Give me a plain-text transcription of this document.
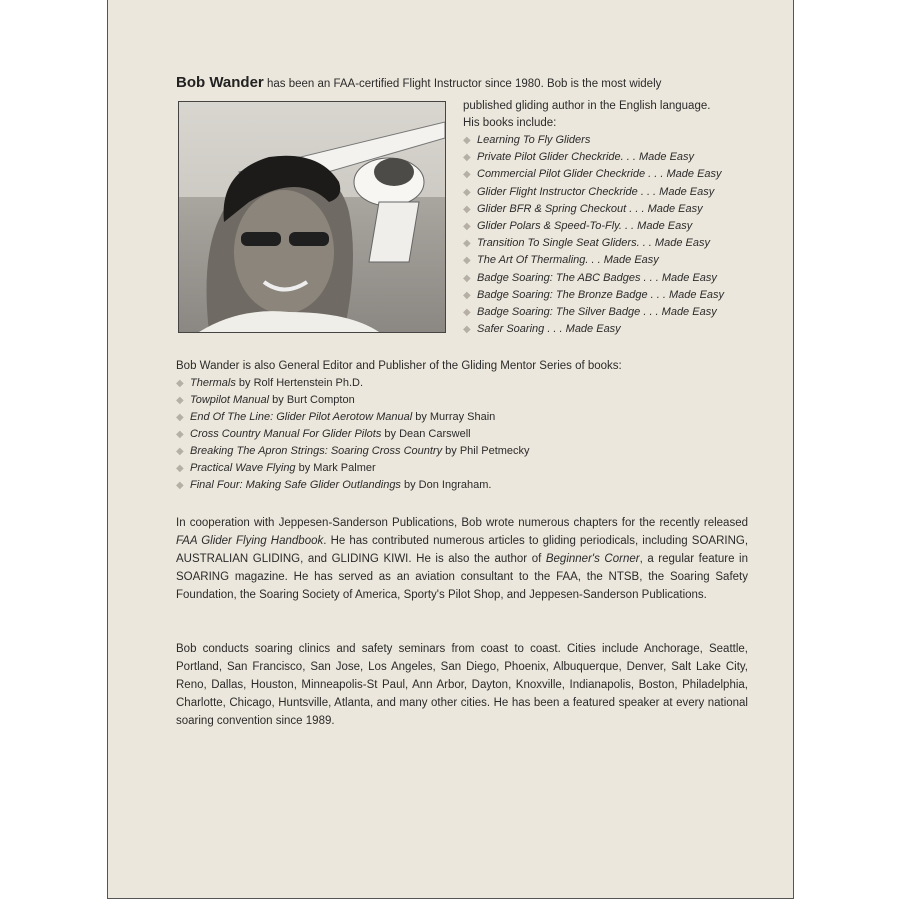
Bob Wander has been an FAA-certified Flight Instructor since 1980. Bob is the most widely
published gliding author in the English language.
His books include:
◆ Learning To Fly Gliders
◆ Private Pilot Glider Checkride. . . Made Easy
◆ Commercial Pilot Glider Checkride . . . Made Easy
◆ Glider Flight Instructor Checkride . . . Made Easy
◆ Glider BFR & Spring Checkout . . . Made Easy
◆ Glider Polars & Speed-To-Fly. . . Made Easy
◆ Transition To Single Seat Gliders. . . Made Easy
◆ The Art Of Thermaling. . . Made Easy
◆ Badge Soaring: The ABC Badges . . . Made Easy
◆ Badge Soaring: The Bronze Badge . . . Made Easy
◆ Badge Soaring: The Silver Badge . . . Made Easy
◆ Safer Soaring . . . Made Easy
Bob Wander is also General Editor and Publisher of the Gliding Mentor Series of books:
◆ Thermals by Rolf Hertenstein Ph.D.
◆ Towpilot Manual by Burt Compton
◆ End Of The Line: Glider Pilot Aerotow Manual by Murray Shain
◆ Cross Country Manual For Glider Pilots by Dean Carswell
◆ Breaking The Apron Strings: Soaring Cross Country by Phil Petmecky
◆ Practical Wave Flying by Mark Palmer
◆ Final Four: Making Safe Glider Outlandings by Don Ingraham.

In cooperation with Jeppesen-Sanderson Publications, Bob wrote numerous chapters for the recently released FAA Glider Flying Handbook. He has contributed numerous articles to gliding periodicals, including SOARING, AUSTRALIAN GLIDING, and GLIDING KIWI. He is also the author of Beginner's Corner, a regular feature in SOARING magazine. He has served as an aviation consultant to the FAA, the NTSB, the Soaring Safety Foundation, the Soaring Society of America, Sporty's Pilot Shop, and Jeppesen-Sanderson Publications.

Bob conducts soaring clinics and safety seminars from coast to coast. Cities include Anchorage, Seattle, Portland, San Francisco, San Jose, Los Angeles, San Diego, Phoenix, Albuquerque, Denver, Salt Lake City, Reno, Dallas, Houston, Minneapolis-St Paul, Ann Arbor, Dayton, Knoxville, Indianapolis, Boston, Philadelphia, Charlotte, Chicago, Huntsville, Atlanta, and many other cities. He has been a featured speaker at every national soaring convention since 1989.
